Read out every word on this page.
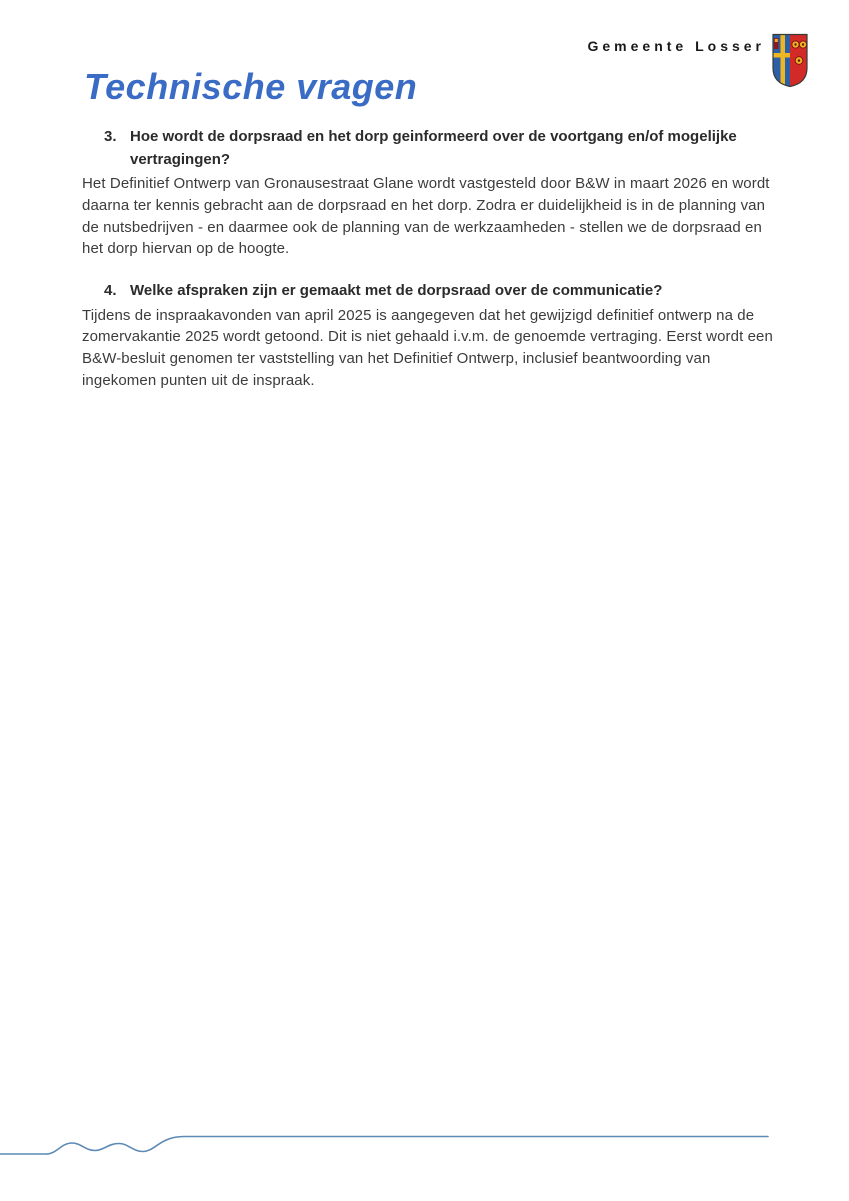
Gemeente Losser
Technische vragen
3. Hoe wordt de dorpsraad en het dorp geinformeerd over de voortgang en/of mogelijke vertragingen?

Het Definitief Ontwerp van Gronausestraat Glane wordt vastgesteld door B&W in maart 2026 en wordt daarna ter kennis gebracht aan de dorpsraad en het dorp. Zodra er duidelijkheid is in de planning van de nutsbedrijven - en daarmee ook de planning van de werkzaamheden - stellen we de dorpsraad en het dorp hiervan op de hoogte.

4. Welke afspraken zijn er gemaakt met de dorpsraad over de communicatie?

Tijdens de inspraakavonden van april 2025 is aangegeven dat het gewijzigd definitief ontwerp na de zomervakantie 2025 wordt getoond. Dit is niet gehaald i.v.m. de genoemde vertraging. Eerst wordt een B&W-besluit genomen ter vaststelling van het Definitief Ontwerp, inclusief beantwoording van ingekomen punten uit de inspraak.
